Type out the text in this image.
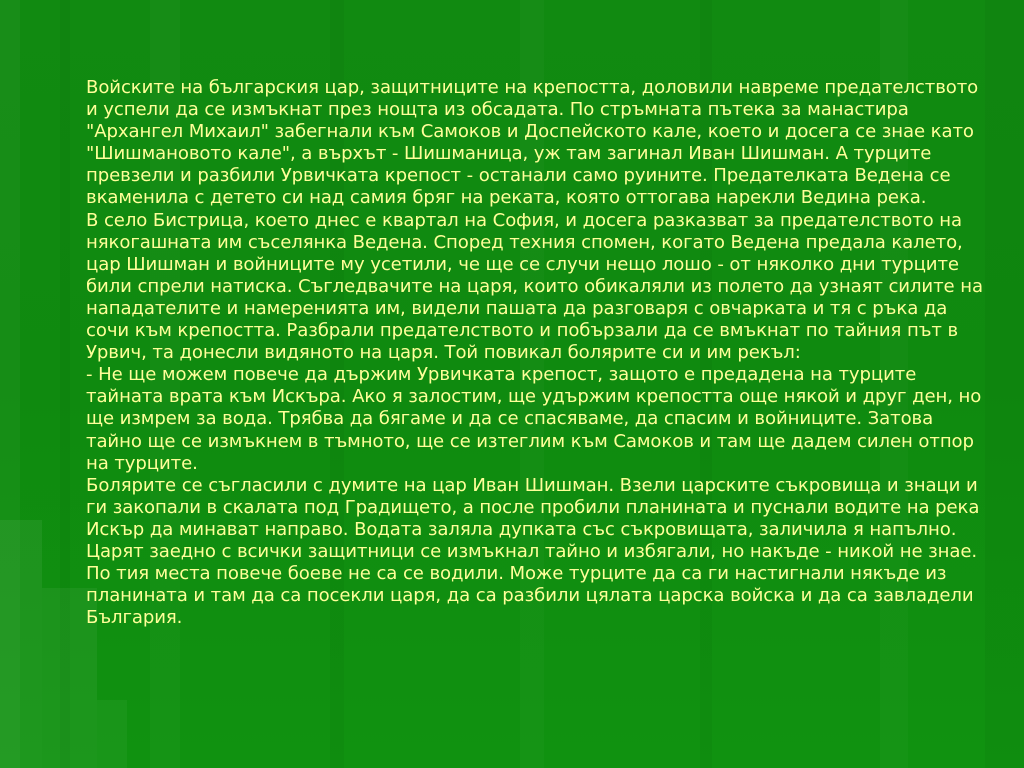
Войските на българския цар, защитниците на крепостта, доловили навреме предателството и успели да се измъкнат през нощта из обсадата. По стръмната пътека за манастира "Архангел Михаил" забегнали към Самоков и Доспейското кале, което и досега се знае като "Шишмановото кале", а върхът - Шишманица, уж там загинал Иван Шишман. А турците превзели и разбили Урвичката крепост - останали само руините. Предателката Ведена се вкаменила с детето си над самия бряг на реката, която оттогава нарекли Ведина река.

В село Бистрица, което днес е квартал на София, и досега разказват за предателството на някогашната им съселянка Ведена. Според техния спомен, когато Ведена предала калето, цар Шишман и войниците му усетили, че ще се случи нещо лошо - от няколко дни турците били спрели натиска. Съгледвачите на царя, които обикаляли из полето да узнаят силите на нападателите и намеренията им, видели пашата да разговаря с овчарката и тя с ръка да сочи към крепостта. Разбрали предателството и побързали да се вмъкнат по тайния път в Урвич, та донесли видяното на царя. Той повикал болярите си и им рекъл:

- Не ще можем повече да държим Урвичката крепост, защото е предадена на турците тайната врата към Искъра. Ако я залостим, ще удържим крепостта още някой и друг ден, но ще измрем за вода. Трябва да бягаме и да се спасяваме, да спасим и войниците. Затова тайно ще се измъкнем в тъмното, ще се изтеглим към Самоков и там ще дадем силен отпор на турците.

Болярите се съгласили с думите на цар Иван Шишман. Взели царските съкровища и знаци и ги закопали в скалата под Градището, а после пробили планината и пуснали водите на река Искър да минават направо. Водата заляла дупката със съкровищата, заличила я напълно. Царят заедно с всички защитници се измъкнал тайно и избягали, но накъде - никой не знае. По тия места повече боеве не са се водили. Може турците да са ги настигнали някъде из планината и там да са посекли царя, да са разбили цялата царска войска и да са завладели България.
